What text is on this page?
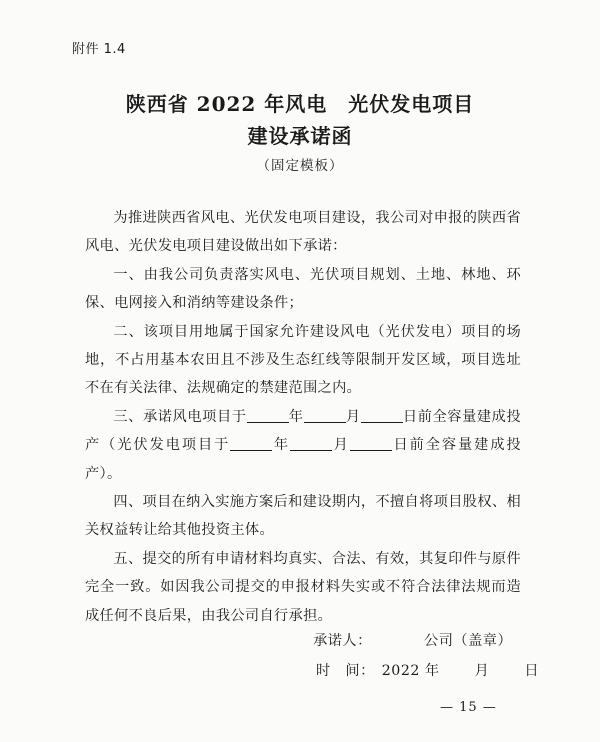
附件 1.4
陕西省 2022 年风电　光伏发电项目
建设承诺函
（固定模板）

为推进陕西省风电、光伏发电项目建设，我公司对申报的陕西省风电、光伏发电项目建设做出如下承诺：

一、由我公司负责落实风电、光伏项目规划、土地、林地、环保、电网接入和消纳等建设条件；

二、该项目用地属于国家允许建设风电（光伏发电）项目的场地，不占用基本农田且不涉及生态红线等限制开发区域，项目选址不在有关法律、法规确定的禁建范围之内。

三、承诺风电项目于	年	月	日前全容量建成投产（光伏发电项目于	年	月	日前全容量建成投产）。

四、项目在纳入实施方案后和建设期内，不擅自将项目股权、相关权益转让给其他投资主体。

五、提交的所有申请材料均真实、合法、有效，其复印件与原件完全一致。如因我公司提交的申报材料失实或不符合法律法规而造成任何不良后果，由我公司自行承担。

承诺人：	公司（盖章）
时　间： 2022 年 月 日
— 15 —
